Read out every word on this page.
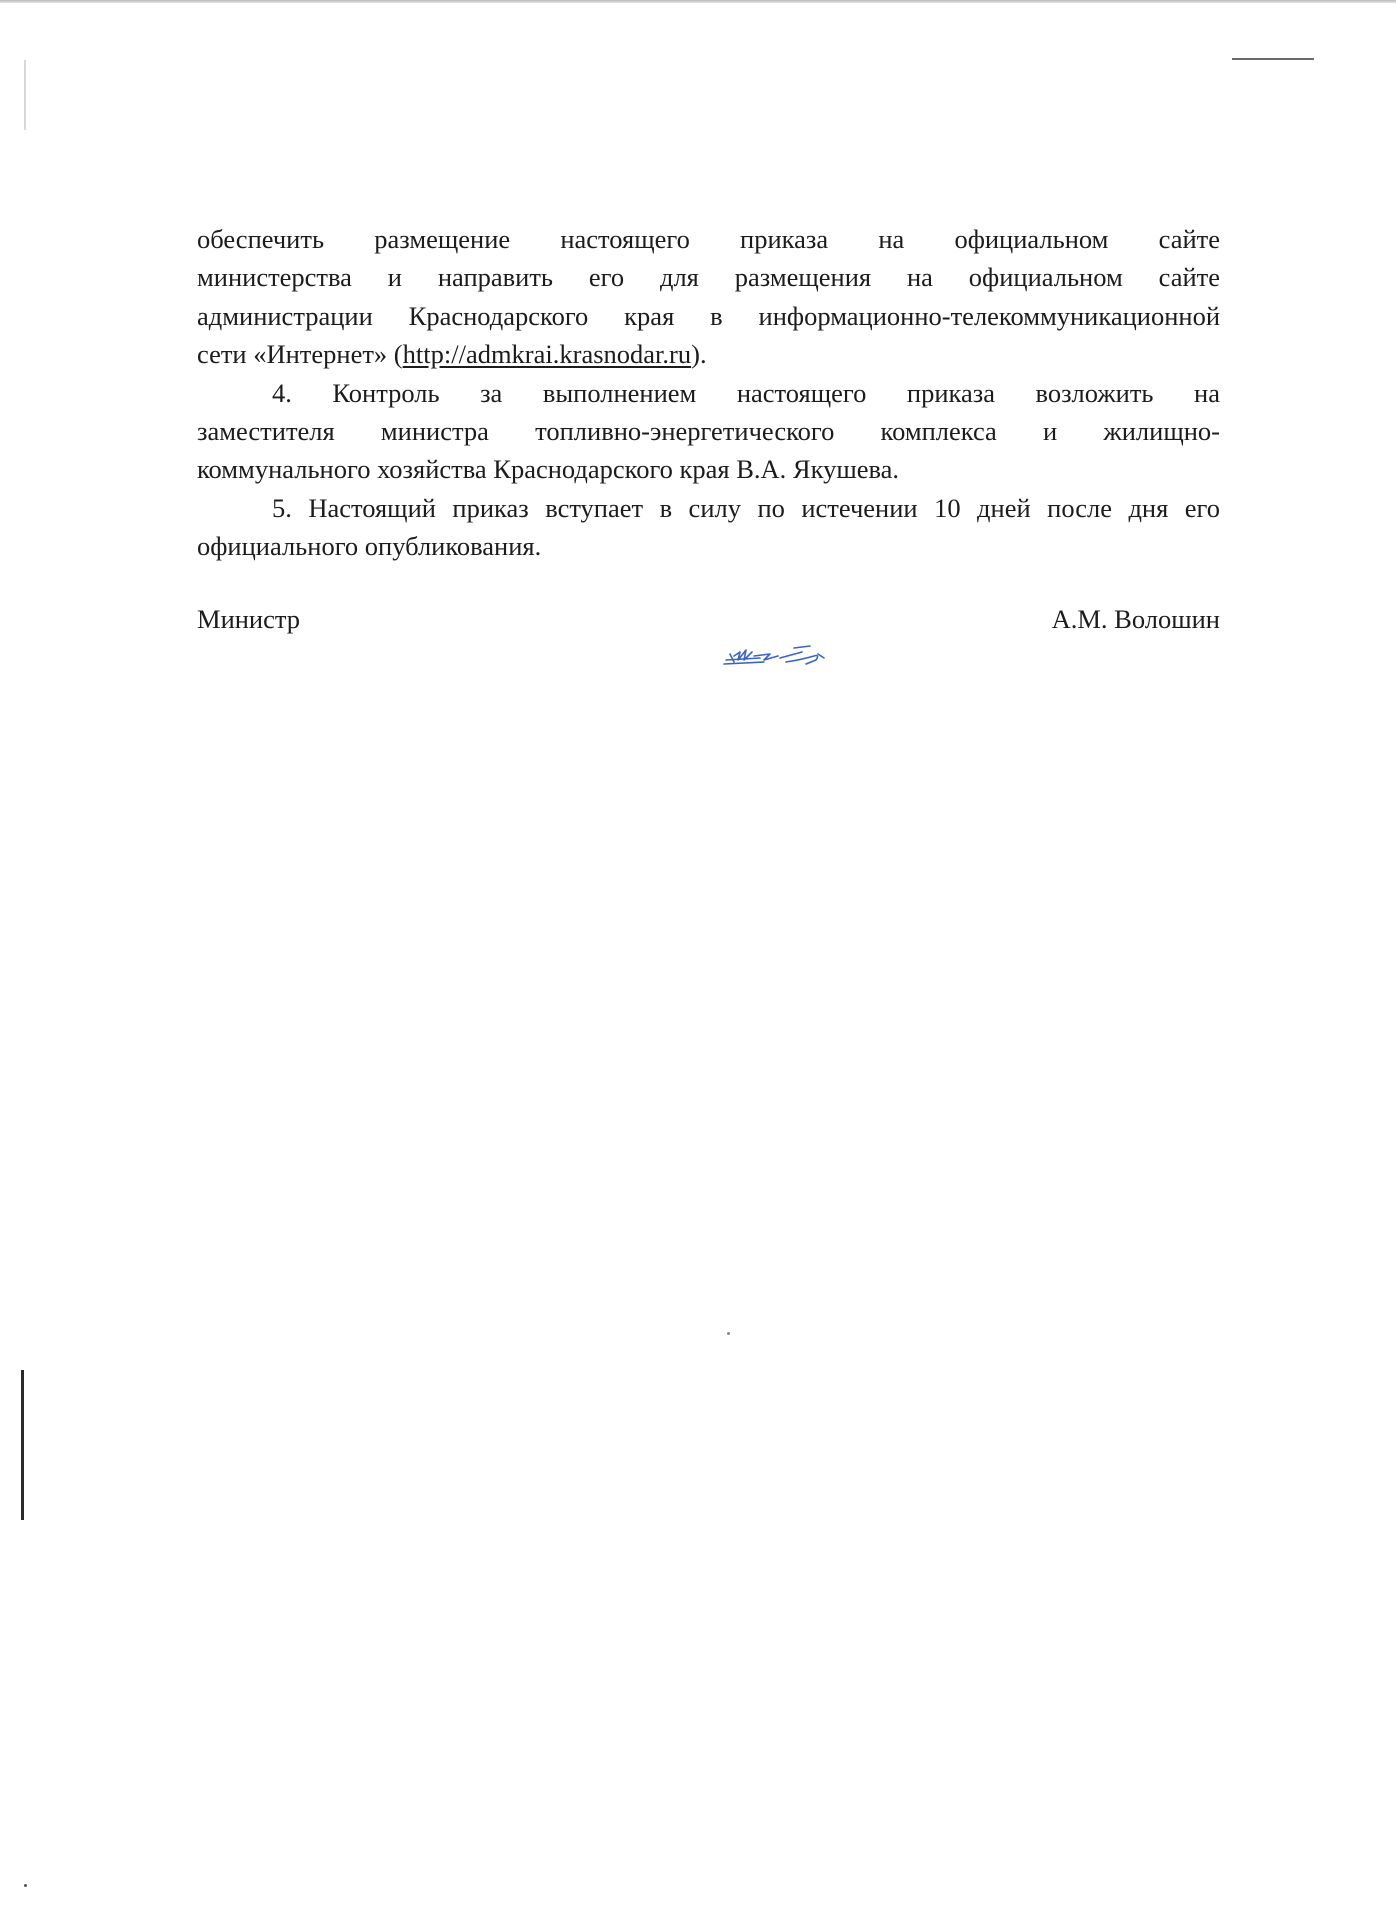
обеспечить размещение настоящего приказа на официальном сайте
министерства и направить его для размещения на официальном сайте
администрации Краснодарского края в информационно-телекоммуникационной
сети «Интернет» (http://admkrai.krasnodar.ru).
4. Контроль за выполнением настоящего приказа возложить на
заместителя министра топливно-энергетического комплекса и жилищно-
коммунального хозяйства Краснодарского края В.А. Якушева.
5. Настоящий приказ вступает в силу по истечении 10 дней после дня его
официального опубликования.
Министр	А.М. Волошин
